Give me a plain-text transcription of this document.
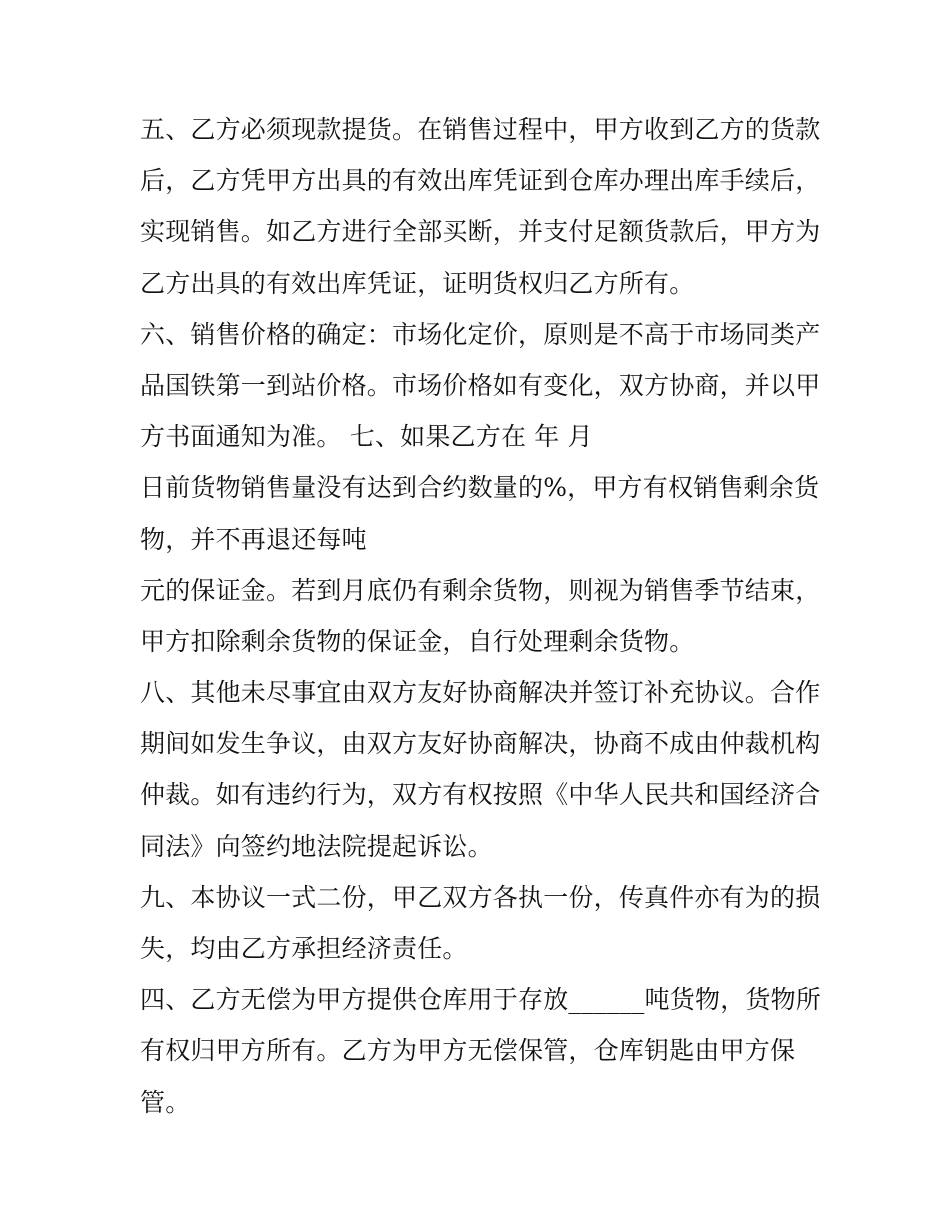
五、乙方必须现款提货。在销售过程中，甲方收到乙方的货款
后，乙方凭甲方出具的有效出库凭证到仓库办理出库手续后，
实现销售。如乙方进行全部买断，并支付足额货款后，甲方为
乙方出具的有效出库凭证，证明货权归乙方所有。
六、销售价格的确定：市场化定价，原则是不高于市场同类产
品国铁第一到站价格。市场价格如有变化，双方协商，并以甲
方书面通知为准。 七、如果乙方在 年 月
日前货物销售量没有达到合约数量的%，甲方有权销售剩余货
物，并不再退还每吨
元的保证金。若到月底仍有剩余货物，则视为销售季节结束，
甲方扣除剩余货物的保证金，自行处理剩余货物。
八、其他未尽事宜由双方友好协商解决并签订补充协议。合作
期间如发生争议，由双方友好协商解决，协商不成由仲裁机构
仲裁。如有违约行为，双方有权按照《中华人民共和国经济合
同法》向签约地法院提起诉讼。
九、本协议一式二份，甲乙双方各执一份，传真件亦有为的损
失，均由乙方承担经济责任。
四、乙方无偿为甲方提供仓库用于存放______吨货物，货物所
有权归甲方所有。乙方为甲方无偿保管，仓库钥匙由甲方保
管。
